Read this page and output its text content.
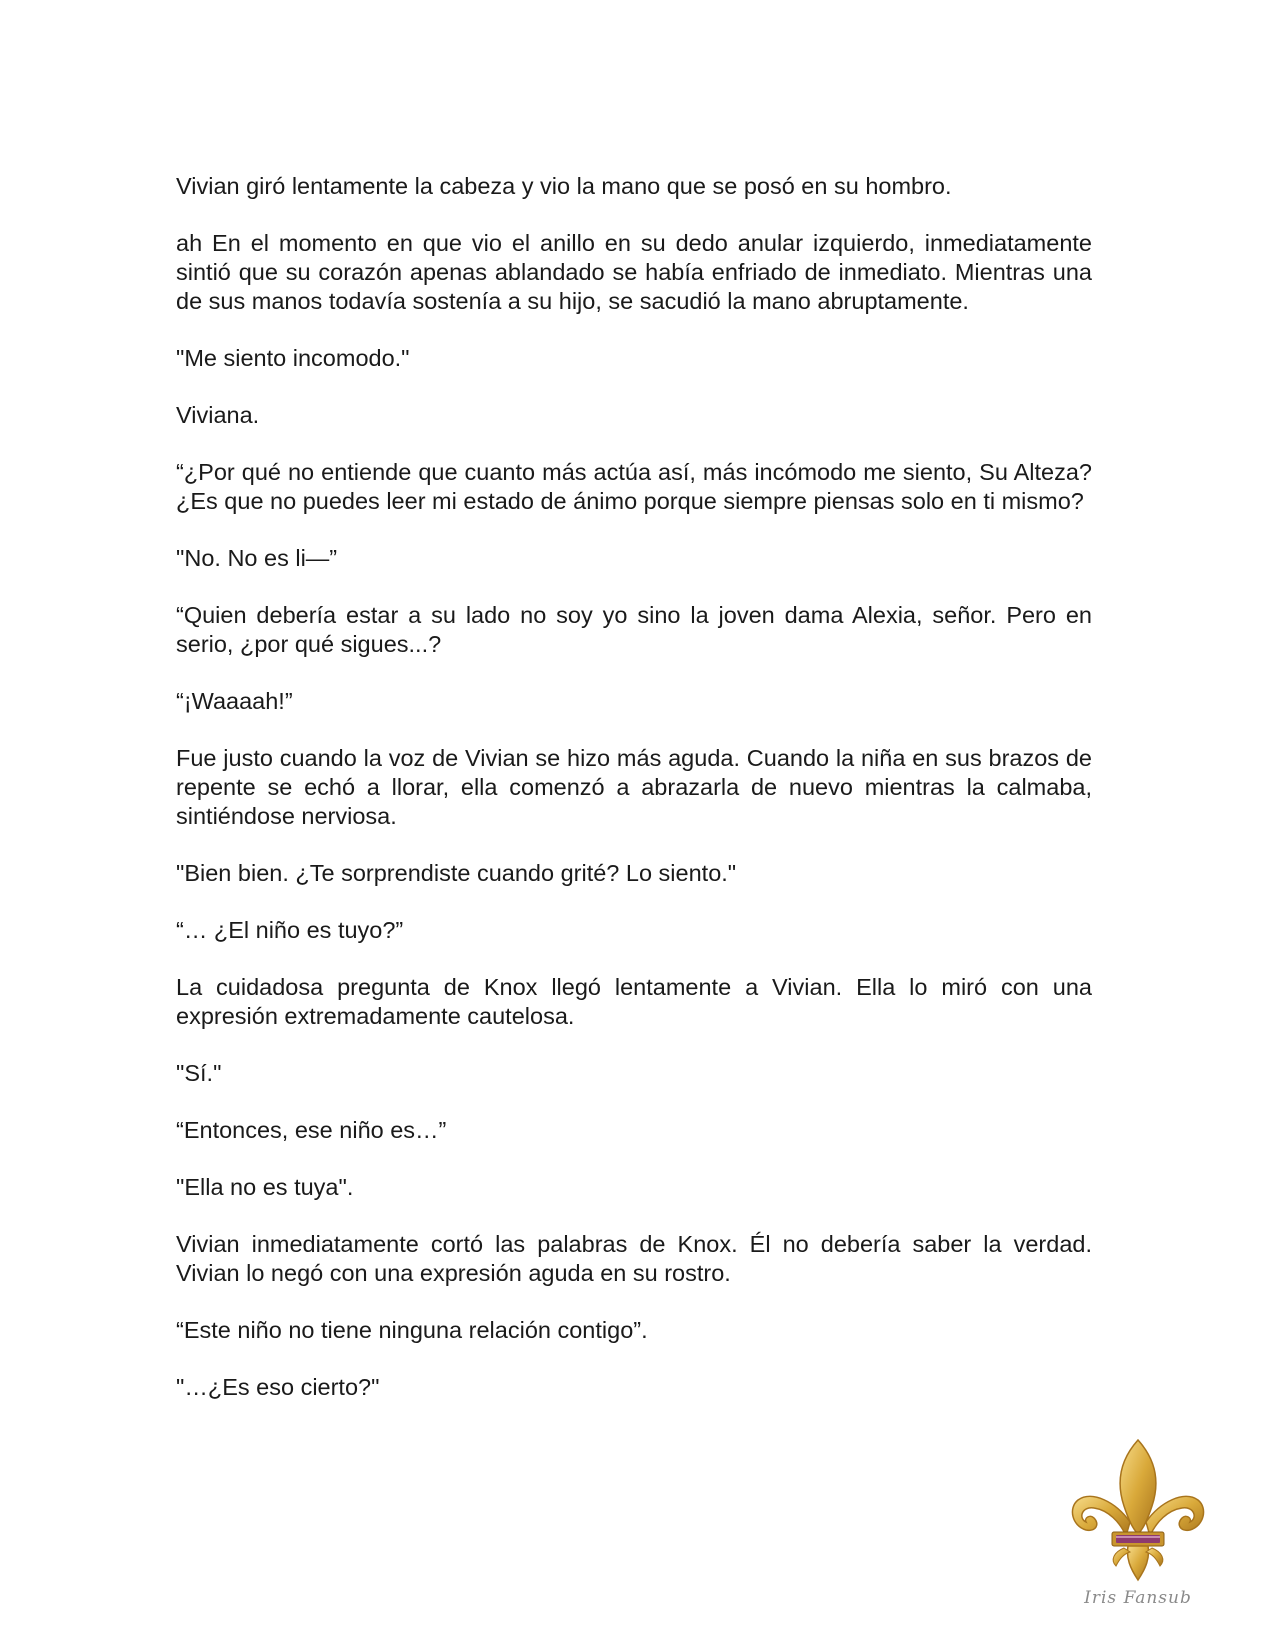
Vivian giró lentamente la cabeza y vio la mano que se posó en su hombro.

ah En el momento en que vio el anillo en su dedo anular izquierdo, inmediatamente sintió que su corazón apenas ablandado se había enfriado de inmediato. Mientras una de sus manos todavía sostenía a su hijo, se sacudió la mano abruptamente.

"Me siento incomodo."

Viviana.

“¿Por qué no entiende que cuanto más actúa así, más incómodo me siento, Su Alteza? ¿Es que no puedes leer mi estado de ánimo porque siempre piensas solo en ti mismo?

"No. No es li—”

“Quien debería estar a su lado no soy yo sino la joven dama Alexia, señor. Pero en serio, ¿por qué sigues...?

“¡Waaaah!”

Fue justo cuando la voz de Vivian se hizo más aguda. Cuando la niña en sus brazos de repente se echó a llorar, ella comenzó a abrazarla de nuevo mientras la calmaba, sintiéndose nerviosa.

"Bien bien. ¿Te sorprendiste cuando grité? Lo siento."

“… ¿El niño es tuyo?”

La cuidadosa pregunta de Knox llegó lentamente a Vivian. Ella lo miró con una expresión extremadamente cautelosa.

"Sí."

“Entonces, ese niño es…”

"Ella no es tuya".

Vivian inmediatamente cortó las palabras de Knox. Él no debería saber la verdad. Vivian lo negó con una expresión aguda en su rostro.

“Este niño no tiene ninguna relación contigo”.

"…¿Es eso cierto?"

Iris Fansub
